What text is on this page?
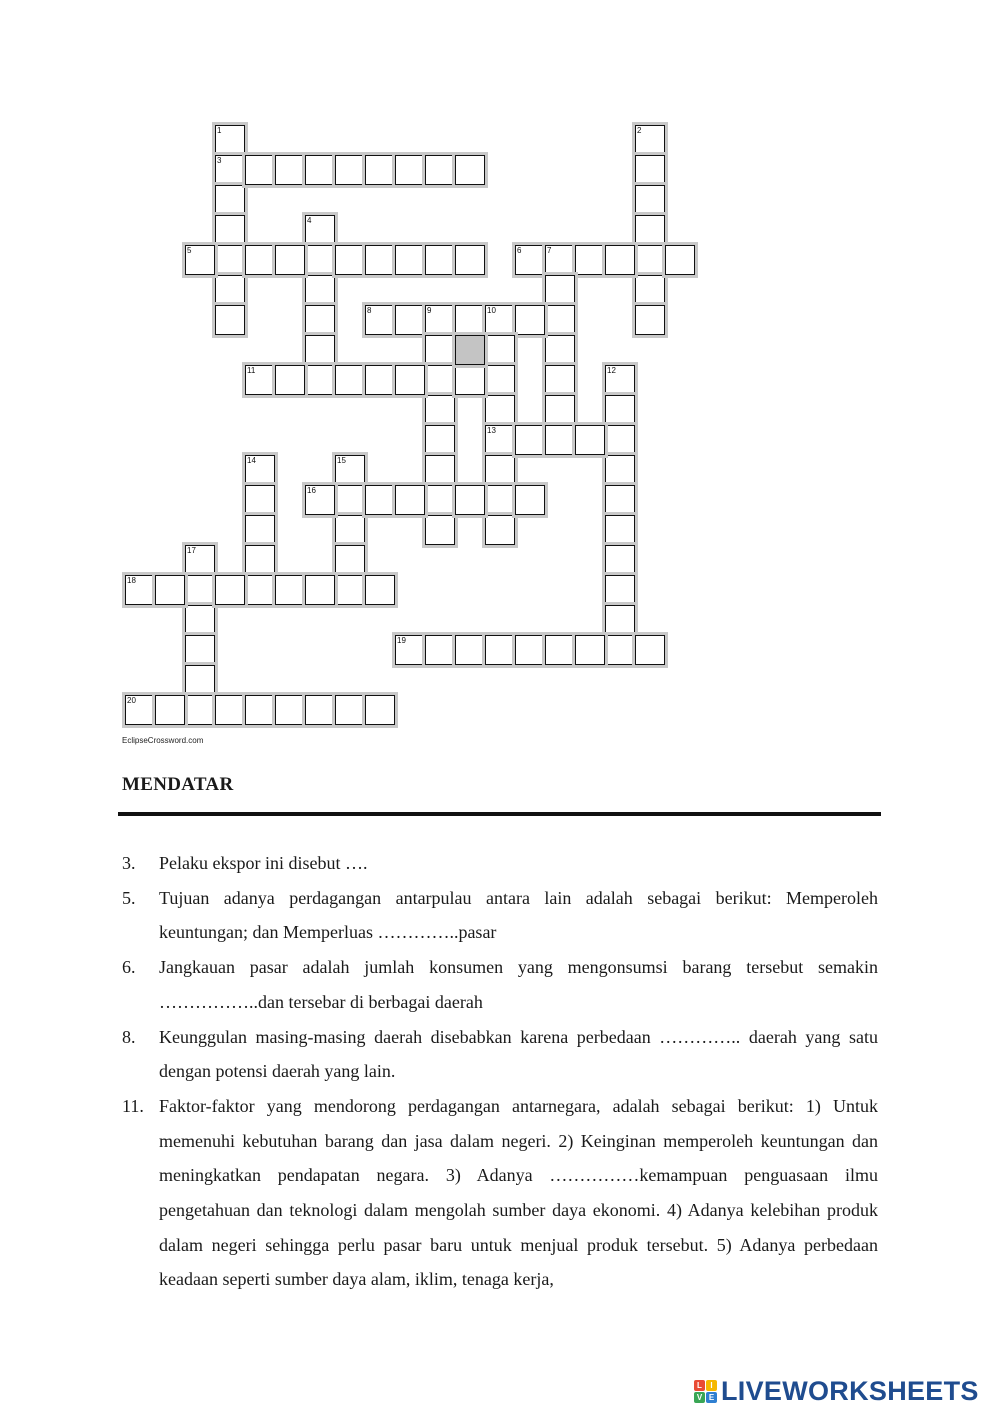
1
3
2
4
5	6	7
8	9	10
13
11	12
14	15
16
17
18
19
20
EclipseCrossword.com
MENDATAR
3.	Pelaku ekspor ini disebut ….
5.	Tujuan adanya perdagangan antarpulau antara lain adalah sebagai berikut: Memperoleh keuntungan; dan Memperluas …………..pasar
6.	Jangkauan pasar adalah jumlah konsumen yang mengonsumsi barang tersebut semakin ……………..dan tersebar di berbagai daerah
8.	Keunggulan masing-masing daerah disebabkan karena perbedaan ………….. daerah yang satu dengan potensi daerah yang lain.
11. Faktor-faktor yang mendorong perdagangan antarnegara, adalah sebagai berikut: 1) Untuk memenuhi kebutuhan barang dan jasa dalam negeri. 2) Keinginan memperoleh keuntungan dan meningkatkan pendapatan negara. 3) Adanya ……………kemampuan penguasaan ilmu pengetahuan dan teknologi dalam mengolah sumber daya ekonomi. 4) Adanya kelebihan produk dalam negeri sehingga perlu pasar baru untuk menjual produk tersebut. 5) Adanya perbedaan keadaan seperti sumber daya alam, iklim, tenaga kerja,
L	I
V E LIVEWORKSHEETS
